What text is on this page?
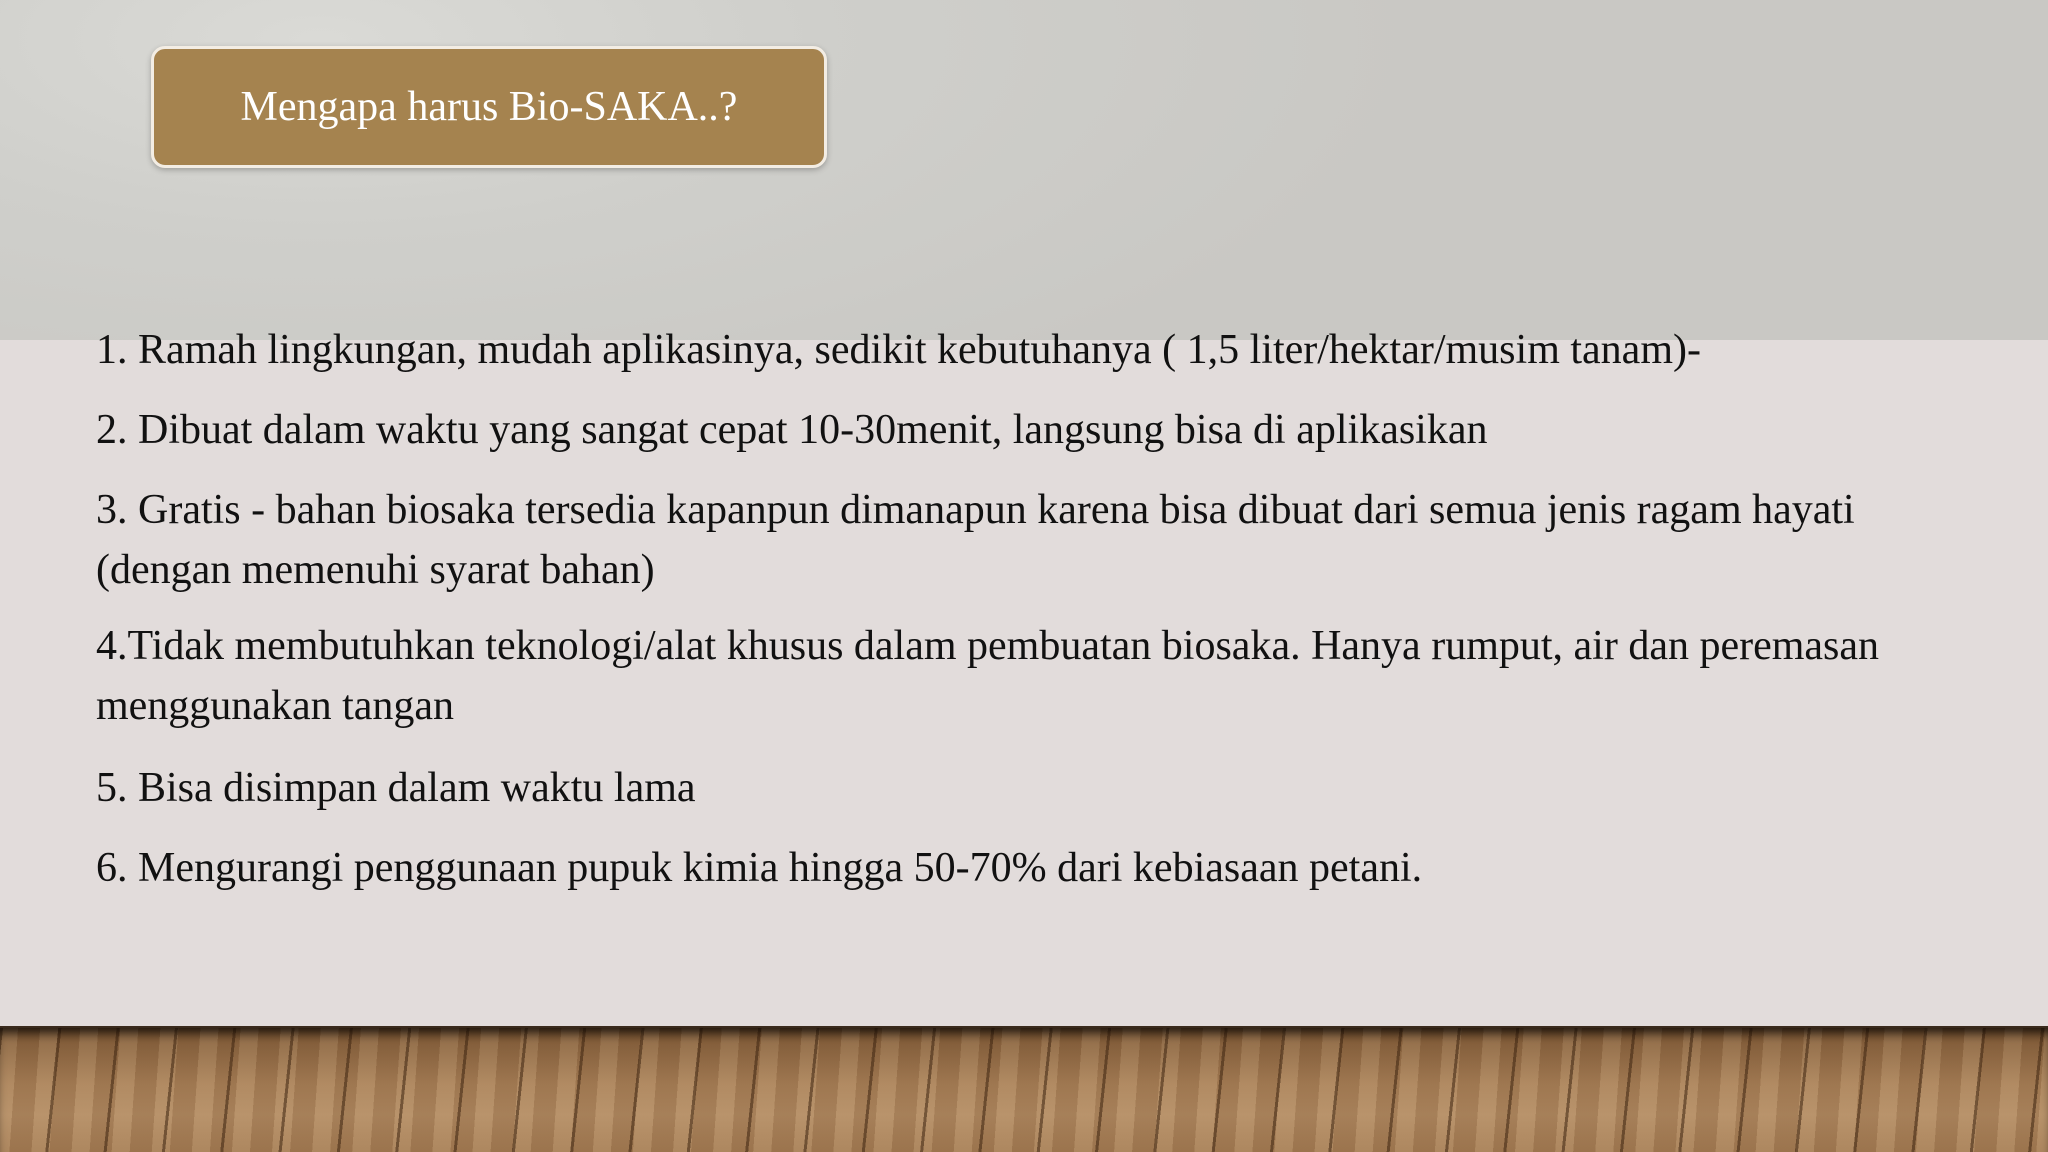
Mengapa harus Bio-SAKA..?

1. Ramah lingkungan, mudah aplikasinya, sedikit kebutuhanya ( 1,5 liter/hektar/musim tanam)-

2. Dibuat dalam waktu yang sangat cepat 10-30menit, langsung bisa di aplikasikan

3. Gratis - bahan biosaka tersedia kapanpun dimanapun karena bisa dibuat dari semua jenis ragam hayati (dengan memenuhi syarat bahan)

4.Tidak membutuhkan teknologi/alat khusus dalam pembuatan biosaka. Hanya rumput, air dan peremasan menggunakan tangan

5. Bisa disimpan dalam waktu lama

6. Mengurangi penggunaan pupuk kimia hingga 50-70% dari kebiasaan petani.
